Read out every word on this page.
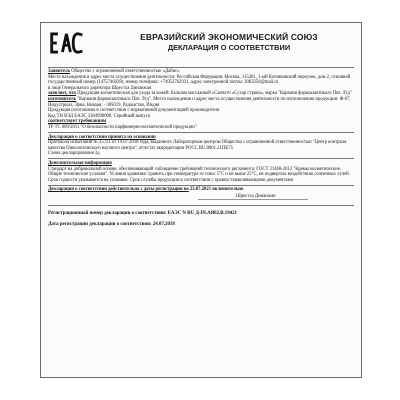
ЕВРАЗИЙСКИЙ ЭКОНОМИЧЕСКИЙ СОЮЗ
ДЕКЛАРАЦИЯ О СООТВЕТСТВИИ

Заявитель Общество с ограниченной ответственностью «Дабис»

Место нахождения и адрес места осуществления деятельности: Российская Федерация, Москва, 115201, 1-ый Котляковский переулок, дом 2, основной государственный номер (1475746038), номер телефона: +74952762931, адрес электронной почты: 3083258@mail.ru

в лице Генерального директора Шрестха Динанжан

заявляет, что Продукция косметическая для ухода за кожей: бальзам массажный «Санчатч «Сухар страна», марка "Кариани фармасьютикалс Пвт. Лтд"

изготовитель "Кариани фармасьютикалс Пвт. Лтд". Место нахождения и адрес места осуществления деятельности по изготовлению продукции: Ф-67, Индустриал, Эриа, Виваан, - 305019, Раджастан, Индия

Продукция изготовлена в соответствии с нормативной документацией производителя

Код ТН ВЭД ЕАЭС 3304990000. Серийный выпуск

соответствует требованиям

ТР ТС 009/2011 "О безопасности парфюмерно-косметической продукции"

Декларация о соответствии принята на основании

Протокола испытаний № 25721 от 19.07.2018 года, выданного Лабораторным центром Общества с ограниченной ответственностью "Центр контроля качества Онкологического научного центра", аттестат аккредитации РОСС RU.0001.21ПК75

Схема декларирования 3д

Дополнительная информация

Стандарт на добровольной основе, обеспечивающий соблюдение требований технического регламента: ГОСТ 31460-2012 "Кремы косметические. Общие технические условия". Условия хранения: хранить при температуре от плюс 5°С и не выше 25°С, не подвергать воздействию солнечных лучей. Срок годности указывается на упаковке. Срок службы продукции в соответствии с правоустанавливающими документами

Декларация о соответствии действительна с даты регистрации по 23.07.2021 включительно

Шрестха Динанжан

Регистрационный номер декларации о соответствии: ЕАЭС N RU Д-IN.АЯ02.В.19421

Дата регистрации декларации о соответствии: 24.07.2018
